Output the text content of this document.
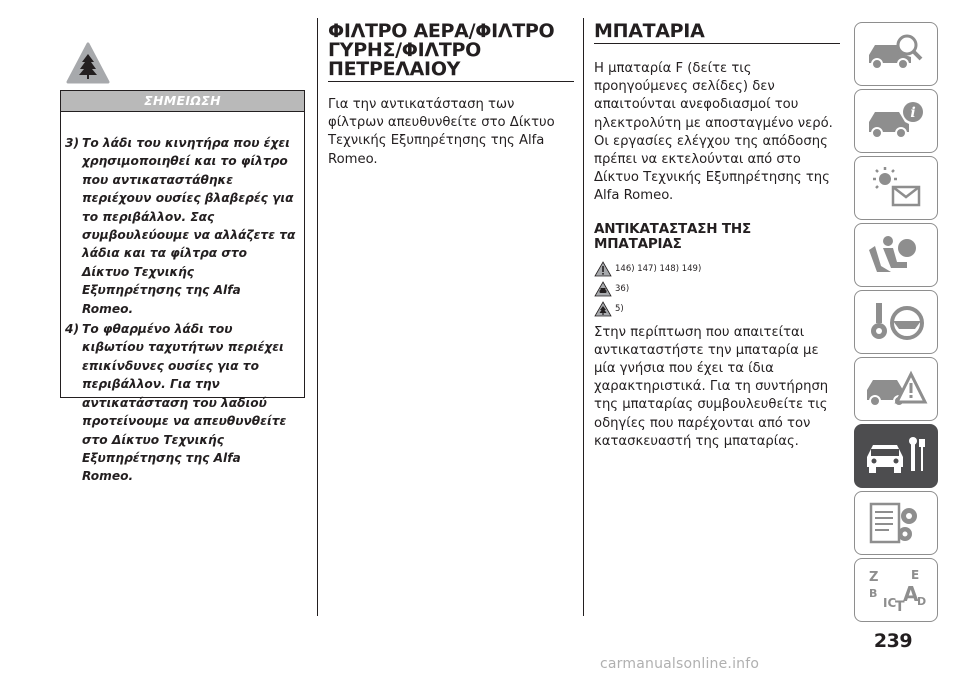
ΣΗΜΕΙΩΣΗ
3) Το λάδι του κινητήρα που έχει χρησιμοποιηθεί και το φίλτρο που αντικαταστάθηκε περιέχουν ουσίες βλαβερές για το περιβάλλον. Σας συμβουλεύουμε να αλλάζετε τα λάδια και τα φίλτρα στο Δίκτυο Τεχνικής Εξυπηρέτησης της Alfa Romeo.
4) Το φθαρμένο λάδι του κιβωτίου ταχυτήτων περιέχει επικίνδυνες ουσίες για το περιβάλλον. Για την αντικατάσταση του λαδιού προτείνουμε να απευθυνθείτε στο Δίκτυο Τεχνικής Εξυπηρέτησης της Alfa Romeo.
ΦΙΛΤΡΟ ΑΕΡΑ/ΦΙΛΤΡΟ ΓΥΡΗΣ/ΦΙΛΤΡΟ ΠΕΤΡΕΛΑΙΟΥ

Για την αντικατάσταση των φίλτρων απευθυνθείτε στο Δίκτυο Τεχνικής Εξυπηρέτησης της Alfa Romeo.

ΜΠΑΤΑΡΙΑ

Η μπαταρία F (δείτε τις προηγούμενες σελίδες) δεν απαιτούνται ανεφοδιασμοί του ηλεκτρολύτη με αποσταγμένο νερό. Οι εργασίες ελέγχου της απόδοσης πρέπει να εκτελούνται από στο Δίκτυο Τεχνικής Εξυπηρέτησης της Alfa Romeo.

ΑΝΤΙΚΑΤΑΣΤΑΣΗ ΤΗΣ ΜΠΑΤΑΡΙΑΣ
146) 147) 148) 149)
36)
5)

Στην περίπτωση που απαιτείται αντικαταστήστε την μπαταρία με μία γνήσια που έχει τα ίδια χαρακτηριστικά. Για τη συντήρηση της μπαταρίας συμβουλευθείτε τις οδηγίες που παρέχονται από τον κατασκευαστή της μπαταρίας.

i
Z	E
B A
IC
T D
239
carmanualsonline.info
